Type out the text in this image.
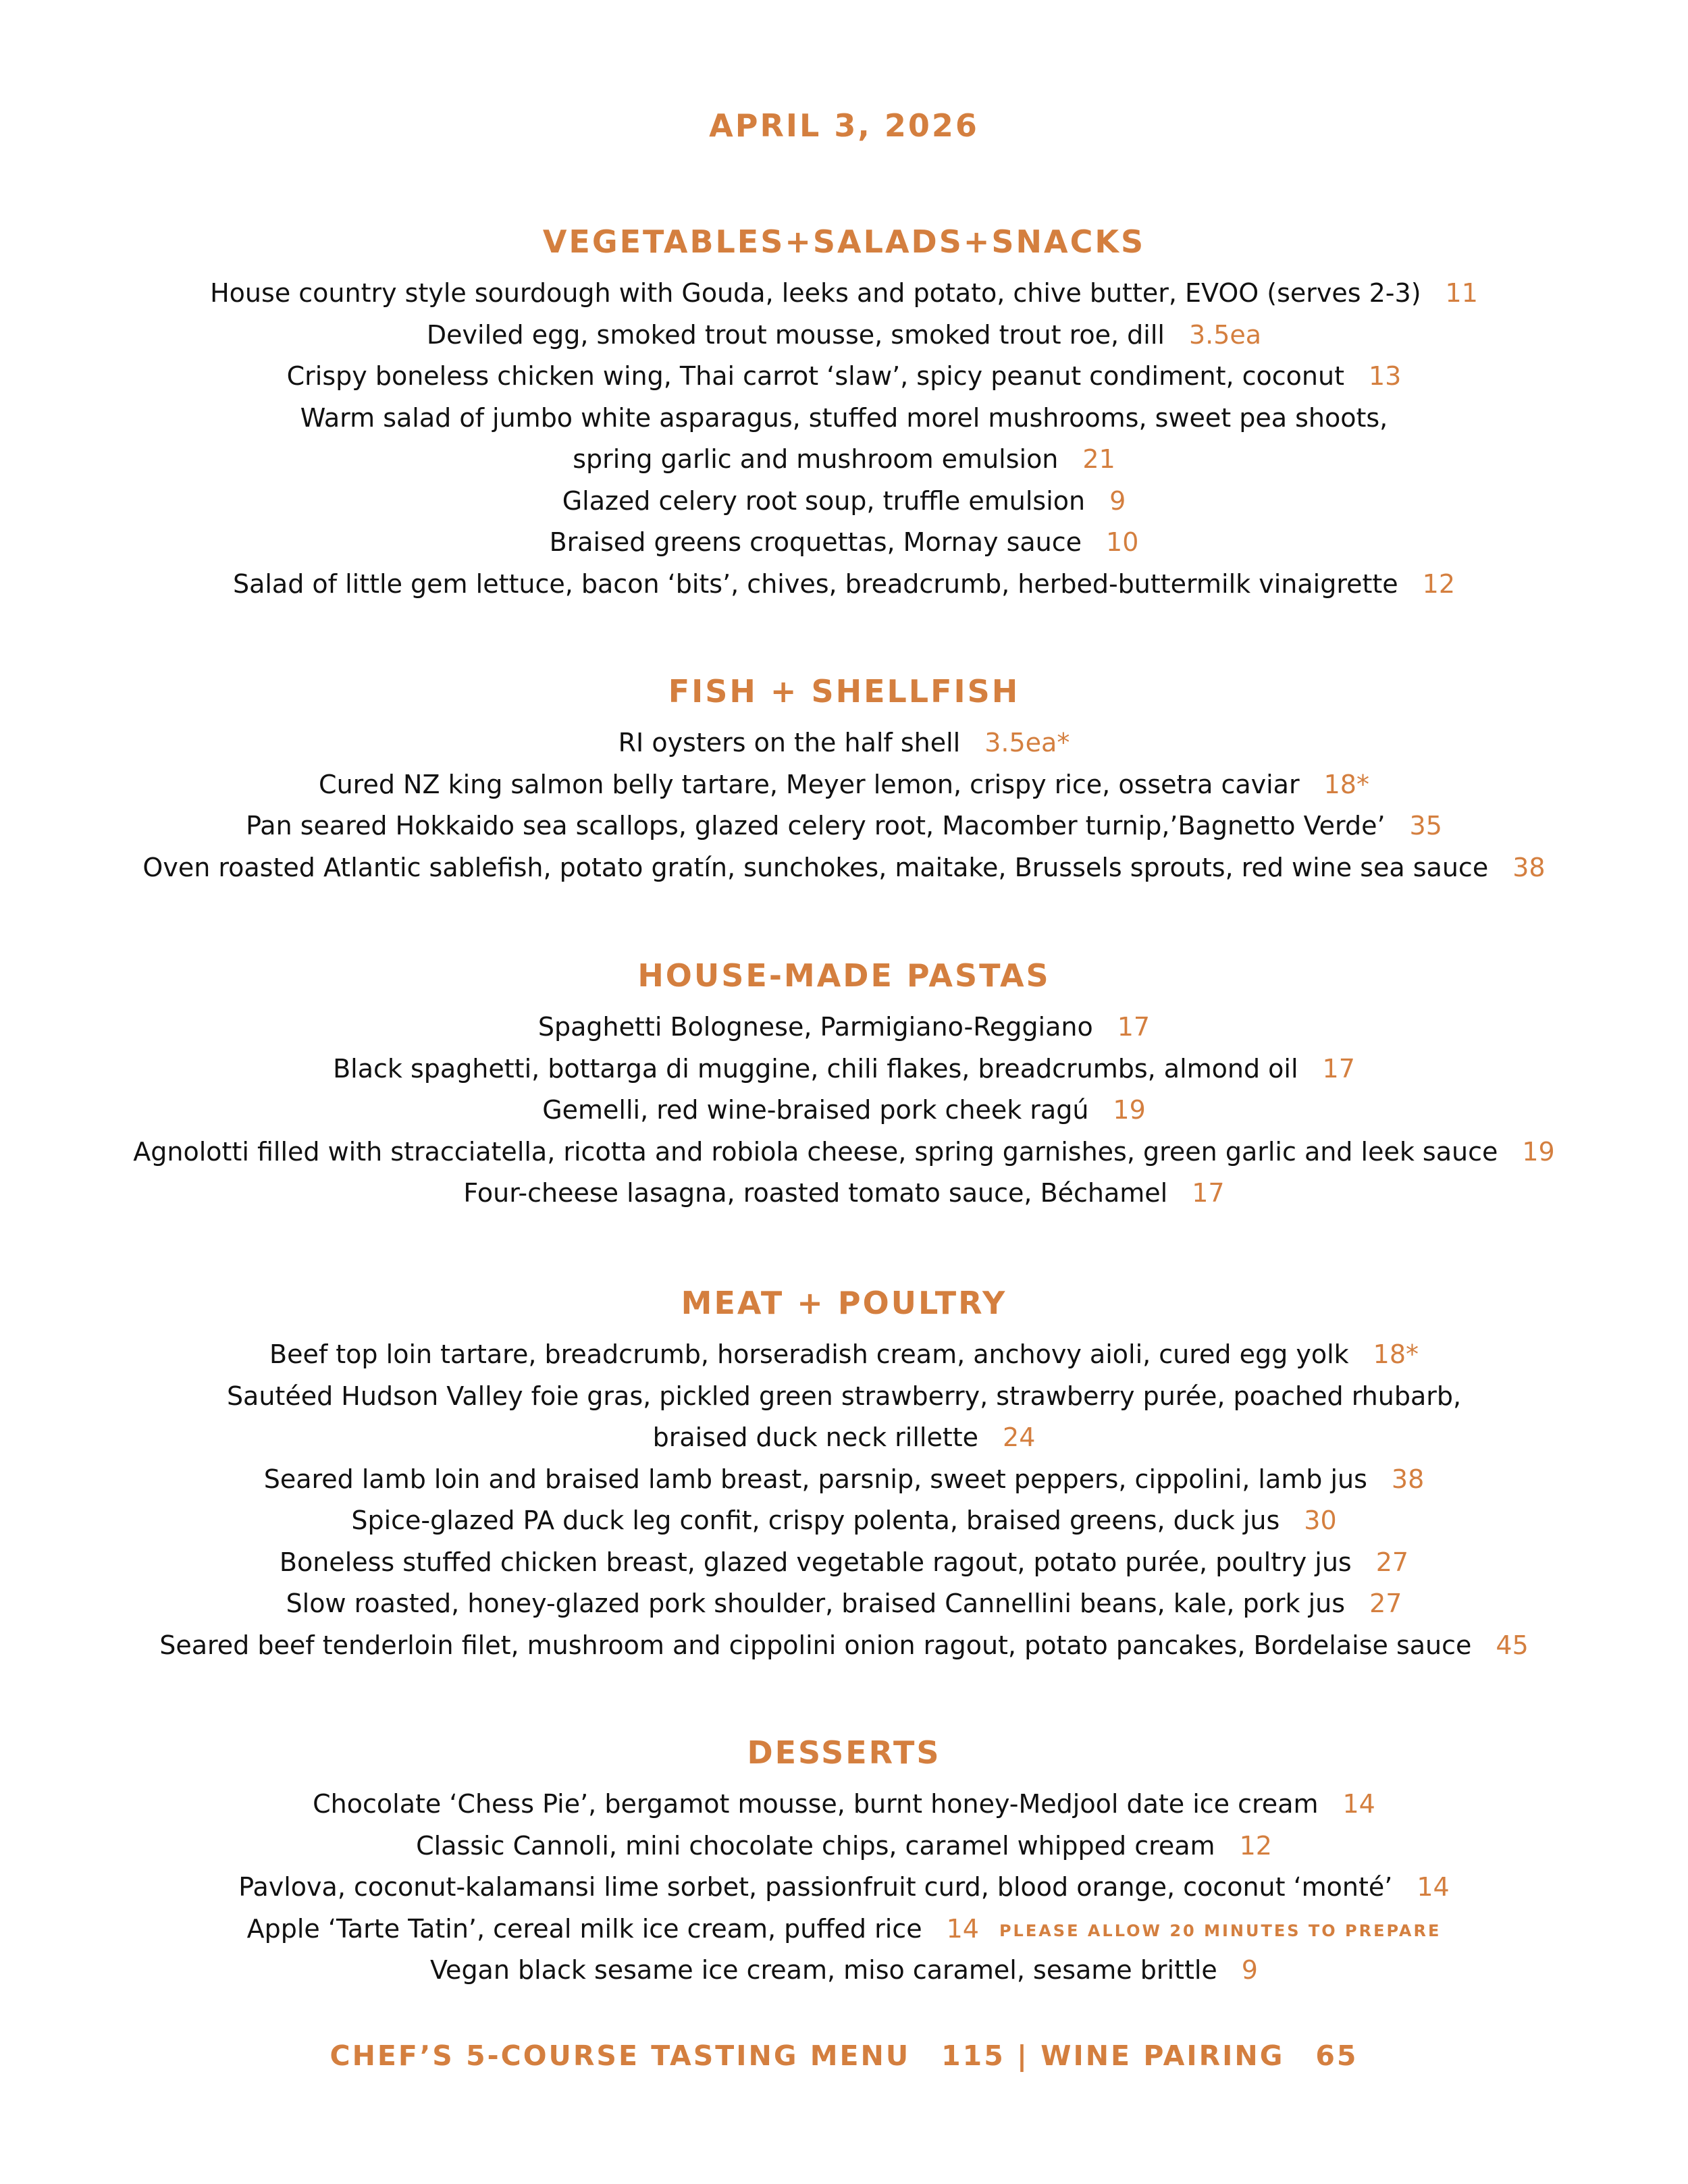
APRIL 3, 2026
VEGETABLES+SALADS+SNACKS
House country style sourdough with Gouda, leeks and potato, chive butter, EVOO (serves 2-3) 11
Deviled egg, smoked trout mousse, smoked trout roe, dill 3.5ea
Crispy boneless chicken wing, Thai carrot ‘slaw’, spicy peanut condiment, coconut 13
Warm salad of jumbo white asparagus, stuffed morel mushrooms, sweet pea shoots,
spring garlic and mushroom emulsion 21
Glazed celery root soup, truffle emulsion 9
Braised greens croquettas, Mornay sauce 10
Salad of little gem lettuce, bacon ‘bits’, chives, breadcrumb, herbed-buttermilk vinaigrette 12
FISH + SHELLFISH
RI oysters on the half shell 3.5ea*
Cured NZ king salmon belly tartare, Meyer lemon, crispy rice, ossetra caviar 18*
Pan seared Hokkaido sea scallops, glazed celery root, Macomber turnip,’Bagnetto Verde’ 35
Oven roasted Atlantic sablefish, potato gratín, sunchokes, maitake, Brussels sprouts, red wine sea sauce 38
HOUSE-MADE PASTAS
Spaghetti Bolognese, Parmigiano-Reggiano 17
Black spaghetti, bottarga di muggine, chili flakes, breadcrumbs, almond oil 17
Gemelli, red wine-braised pork cheek ragú 19
Agnolotti filled with stracciatella, ricotta and robiola cheese, spring garnishes, green garlic and leek sauce 19
Four-cheese lasagna, roasted tomato sauce, Béchamel 17
MEAT + POULTRY
Beef top loin tartare, breadcrumb, horseradish cream, anchovy aioli, cured egg yolk 18*
Sautéed Hudson Valley foie gras, pickled green strawberry, strawberry purée, poached rhubarb,
braised duck neck rillette 24
Seared lamb loin and braised lamb breast, parsnip, sweet peppers, cippolini, lamb jus 38
Spice-glazed PA duck leg confit, crispy polenta, braised greens, duck jus 30
Boneless stuffed chicken breast, glazed vegetable ragout, potato purée, poultry jus 27
Slow roasted, honey-glazed pork shoulder, braised Cannellini beans, kale, pork jus 27
Seared beef tenderloin filet, mushroom and cippolini onion ragout, potato pancakes, Bordelaise sauce 45
DESSERTS
Chocolate ‘Chess Pie’, bergamot mousse, burnt honey-Medjool date ice cream 14
Classic Cannoli, mini chocolate chips, caramel whipped cream 12
Pavlova, coconut-kalamansi lime sorbet, passionfruit curd, blood orange, coconut ‘monté’ 14
Apple ‘Tarte Tatin’, cereal milk ice cream, puffed rice 14 PLEASE ALLOW 20 MINUTES TO PREPARE
Vegan black sesame ice cream, miso caramel, sesame brittle 9
CHEF’S 5-COURSE TASTING MENU 115 | WINE PAIRING 65
